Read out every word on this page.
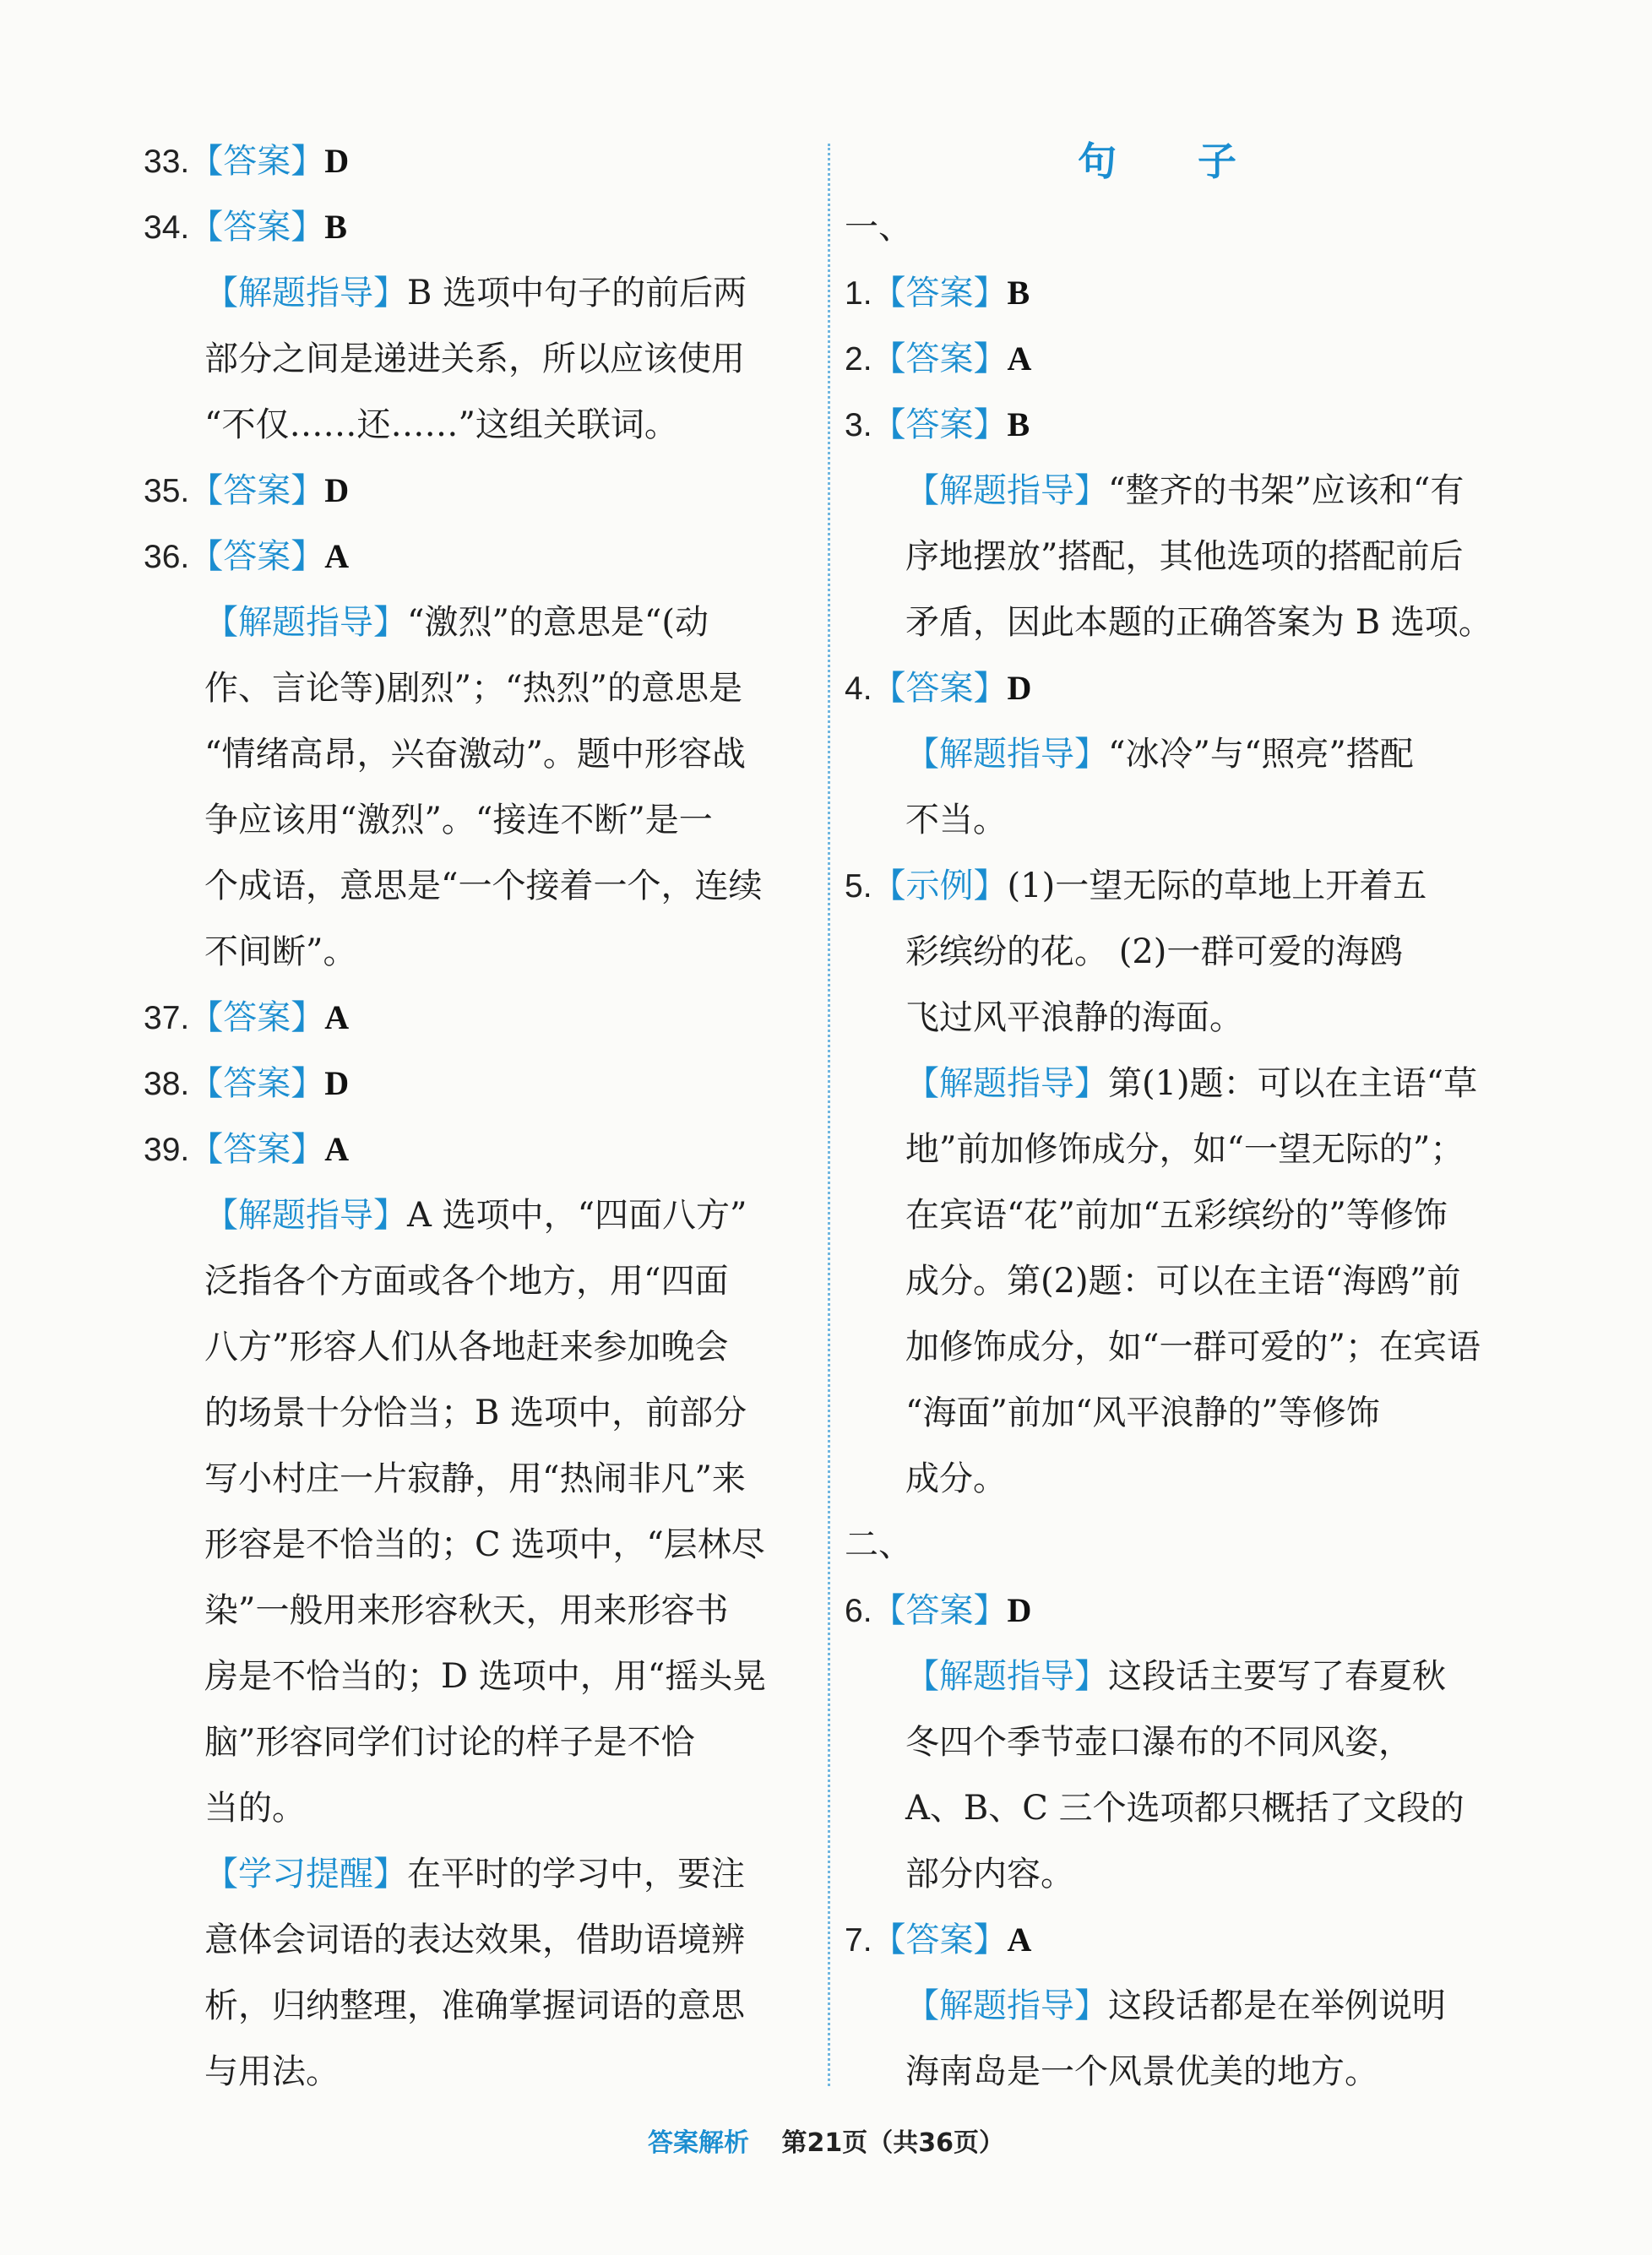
33.【答案】D
34.【答案】B
【解题指导】B 选项中句子的前后两
部分之间是递进关系，所以应该使用
“不仅……还……”这组关联词。
35.【答案】D
36.【答案】A
【解题指导】“激烈”的意思是“(动
作、言论等)剧烈”；“热烈”的意思是
“情绪高昂，兴奋激动”。题中形容战
争应该用“激烈”。“接连不断”是一
个成语，意思是“一个接着一个，连续
不间断”。
37.【答案】A
38.【答案】D
39.【答案】A
【解题指导】A 选项中，“四面八方”
泛指各个方面或各个地方，用“四面
八方”形容人们从各地赶来参加晚会
的场景十分恰当；B 选项中，前部分
写小村庄一片寂静，用“热闹非凡”来
形容是不恰当的；C 选项中，“层林尽
染”一般用来形容秋天，用来形容书
房是不恰当的；D 选项中，用“摇头晃
脑”形容同学们讨论的样子是不恰
当的。
【学习提醒】在平时的学习中，要注
意体会词语的表达效果，借助语境辨
析，归纳整理，准确掌握词语的意思
与用法。
句 子
一、
1.【答案】B
2.【答案】A
3.【答案】B
【解题指导】“整齐的书架”应该和“有
序地摆放”搭配，其他选项的搭配前后
矛盾，因此本题的正确答案为 B 选项。
4.【答案】D
【解题指导】“冰冷”与“照亮”搭配
不当。
5.【示例】(1)一望无际的草地上开着五
彩缤纷的花。 (2)一群可爱的海鸥
飞过风平浪静的海面。
【解题指导】第(1)题：可以在主语“草
地”前加修饰成分，如“一望无际的”；
在宾语“花”前加“五彩缤纷的”等修饰
成分。第(2)题：可以在主语“海鸥”前
加修饰成分，如“一群可爱的”；在宾语
“海面”前加“风平浪静的”等修饰
成分。
二、
6.【答案】D
【解题指导】这段话主要写了春夏秋
冬四个季节壶口瀑布的不同风姿，
A、B、C 三个选项都只概括了文段的
部分内容。
7.【答案】A
【解题指导】这段话都是在举例说明
海南岛是一个风景优美的地方。
答案解析 第21页（共36页）
